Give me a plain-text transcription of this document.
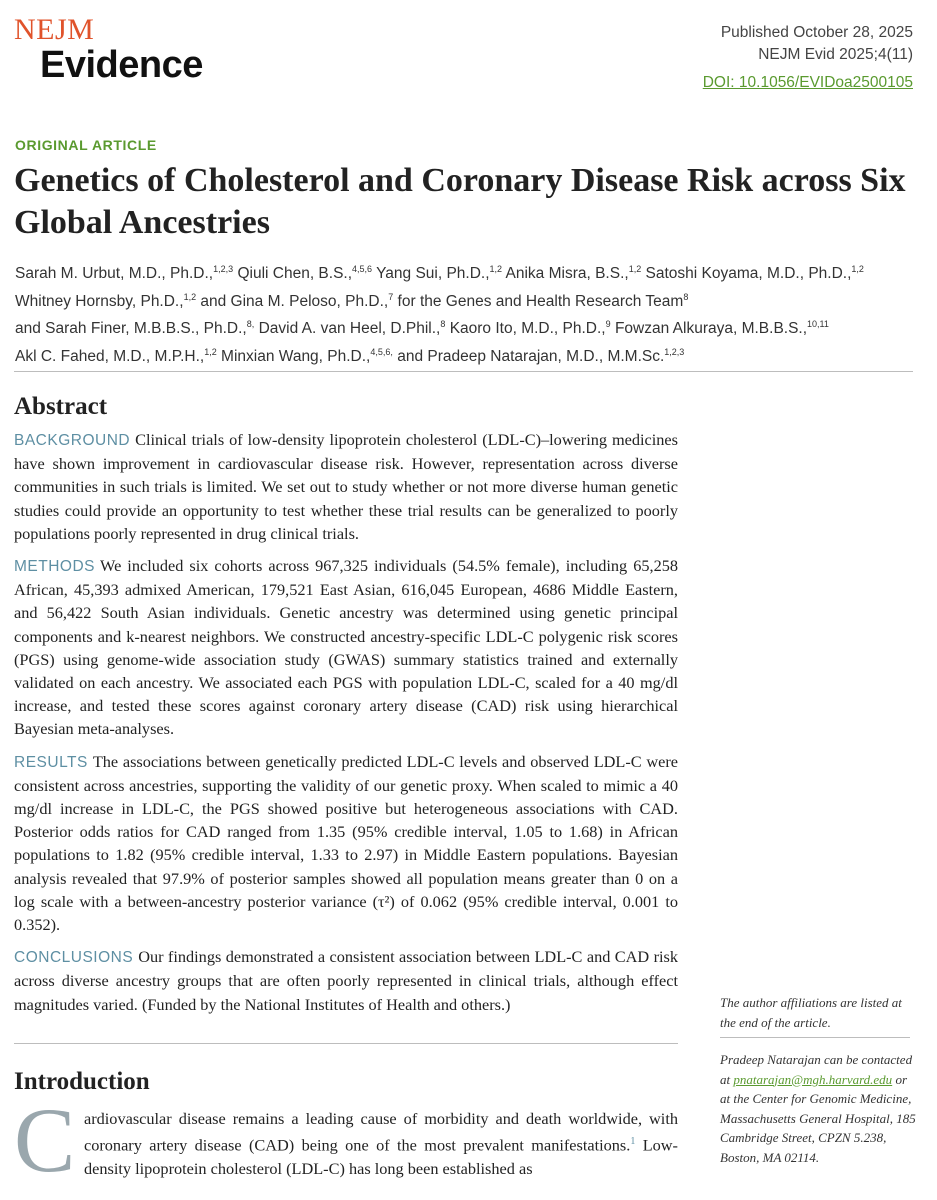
NEJM
Evidence
Published October 28, 2025
NEJM Evid 2025;4(11)
DOI: 10.1056/EVIDoa2500105
ORIGINAL ARTICLE
Genetics of Cholesterol and Coronary Disease Risk across Six Global Ancestries

Sarah M. Urbut, M.D., Ph.D.,$^{1,2,3}$ Qiuli Chen, B.S.,$^{4,5,6}$ Yang Sui, Ph.D.,$^{1,2}$ Anika Misra, B.S.,$^{1,2}$ Satoshi Koyama, M.D., Ph.D.,$^{1,2}$
Whitney Hornsby, Ph.D.,$^{1,2}$ and Gina M. Peloso, Ph.D.,$^7$ for the Genes and Health Research Team$^8$
and Sarah Finer, M.B.B.S., Ph.D.,$^{8,}$ David A. van Heel, D.Phil.,$^8$ Kaoro Ito, M.D., Ph.D.,$^9$ Fowzan Alkuraya, M.B.B.S.,$^{10,11}$
Akl C. Fahed, M.D., M.P.H.,$^{1,2}$ Minxian Wang, Ph.D.,$^{4,5,6,}$ and Pradeep Natarajan, M.D., M.M.Sc.$^{1,2,3}$

Abstract

BACKGROUND Clinical trials of low-density lipoprotein cholesterol (LDL-C)–lowering medicines have shown improvement in cardiovascular disease risk. However, representation across diverse communities in such trials is limited. We set out to study whether or not more diverse human genetic studies could provide an opportunity to test whether these trial results can be generalized to poorly populations poorly represented in drug clinical trials.

METHODS We included six cohorts across 967,325 individuals (54.5% female), including 65,258 African, 45,393 admixed American, 179,521 East Asian, 616,045 European, 4686 Middle Eastern, and 56,422 South Asian individuals. Genetic ancestry was determined using genetic principal components and k-nearest neighbors. We constructed ancestry-specific LDL-C polygenic risk scores (PGS) using genome-wide association study (GWAS) summary statistics trained and externally validated on each ancestry. We associated each PGS with population LDL-C, scaled for a 40 mg/dl increase, and tested these scores against coronary artery disease (CAD) risk using hierarchical Bayesian meta-analyses.

RESULTS The associations between genetically predicted LDL-C levels and observed LDL-C were consistent across ancestries, supporting the validity of our genetic proxy. When scaled to mimic a 40 mg/dl increase in LDL-C, the PGS showed positive but heterogeneous associations with CAD. Posterior odds ratios for CAD ranged from 1.35 (95% credible interval, 1.05 to 1.68) in African populations to 1.82 (95% credible interval, 1.33 to 2.97) in Middle Eastern populations. Bayesian analysis revealed that 97.9% of posterior samples showed all population means greater than 0 on a log scale with a between-ancestry posterior variance (τ²) of 0.062 (95% credible interval, 0.001 to 0.352).

CONCLUSIONS Our findings demonstrated a consistent association between LDL-C and CAD risk across diverse ancestry groups that are often poorly represented in clinical trials, although effect magnitudes varied. (Funded by the National Institutes of Health and others.)	The author affiliations are listed at the end of the article.
Pradeep Natarajan can be contacted at pnatarajan@mgh.harvard.edu or at the Center for Genomic Medicine, Massachusetts General Hospital, 185 Cambridge Street, CPZN 5.238, Boston, MA 02114.
Introduction
C ardiovascular disease remains a leading cause of morbidity and death worldwide, with coronary artery disease (CAD) being one of the most prevalent manifestations.$^1$ Low-density lipoprotein cholesterol (LDL-C) has long been established as
